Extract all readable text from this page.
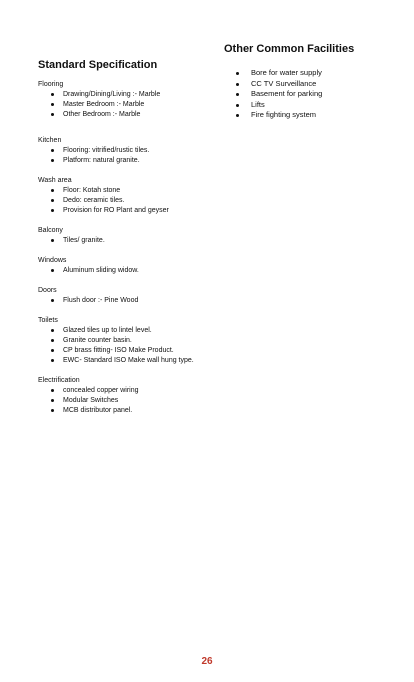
Other Common Facilities
Bore for water supply
CC TV Surveillance
Basement for parking
Lifts
Fire fighting system
Standard Specification
Flooring
Drawing/Dining/Living :- Marble
Master Bedroom :- Marble
Other Bedroom :- Marble
Kitchen
Flooring: vitrified/rustic tiles.
Platform: natural granite.
Wash area
Floor: Kotah stone
Dedo: ceramic tiles.
Provision for RO Plant and geyser
Balcony
Tiles/ granite.
Windows
Aluminum sliding widow.
Doors
Flush door :- Pine Wood
Toilets
Glazed tiles up to lintel level.
Granite counter basin.
CP brass fitting- ISO Make Product.
EWC- Standard ISO Make wall hung type.
Electrification
concealed copper wiring
Modular Switches
MCB distributor panel.
26
